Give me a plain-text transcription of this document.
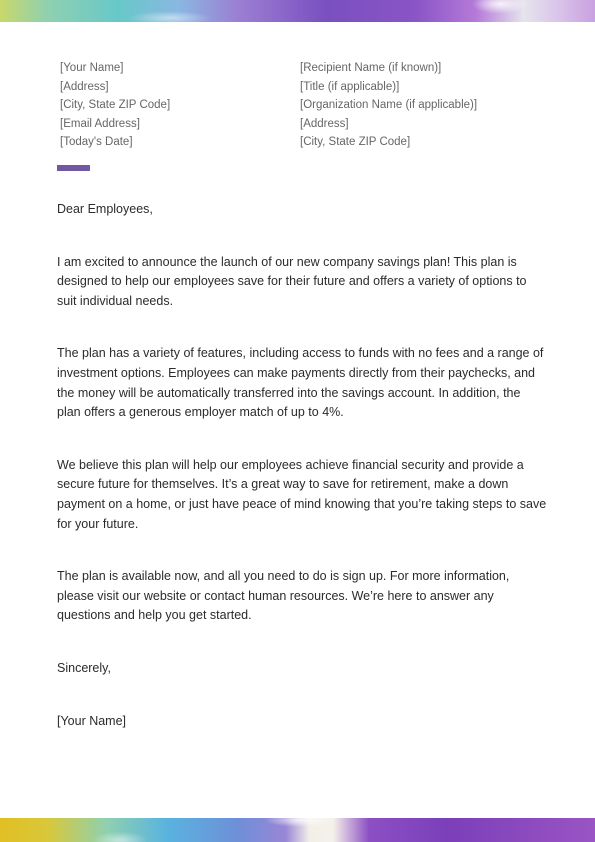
[Your Name]
[Address]
[City, State ZIP Code]
[Email Address]
[Today's Date]
[Recipient Name (if known)]
[Title (if applicable)]
[Organization Name (if applicable)]
[Address]
[City, State ZIP Code]

Dear Employees,

I am excited to announce the launch of our new company savings plan! This plan is designed to help our employees save for their future and offers a variety of options to suit individual needs.

The plan has a variety of features, including access to funds with no fees and a range of investment options. Employees can make payments directly from their paychecks, and the money will be automatically transferred into the savings account. In addition, the plan offers a generous employer match of up to 4%.

We believe this plan will help our employees achieve financial security and provide a secure future for themselves. It’s a great way to save for retirement, make a down payment on a home, or just have peace of mind knowing that you’re taking steps to save for your future.

The plan is available now, and all you need to do is sign up. For more information, please visit our website or contact human resources. We’re here to answer any questions and help you get started.

Sincerely,

[Your Name]
